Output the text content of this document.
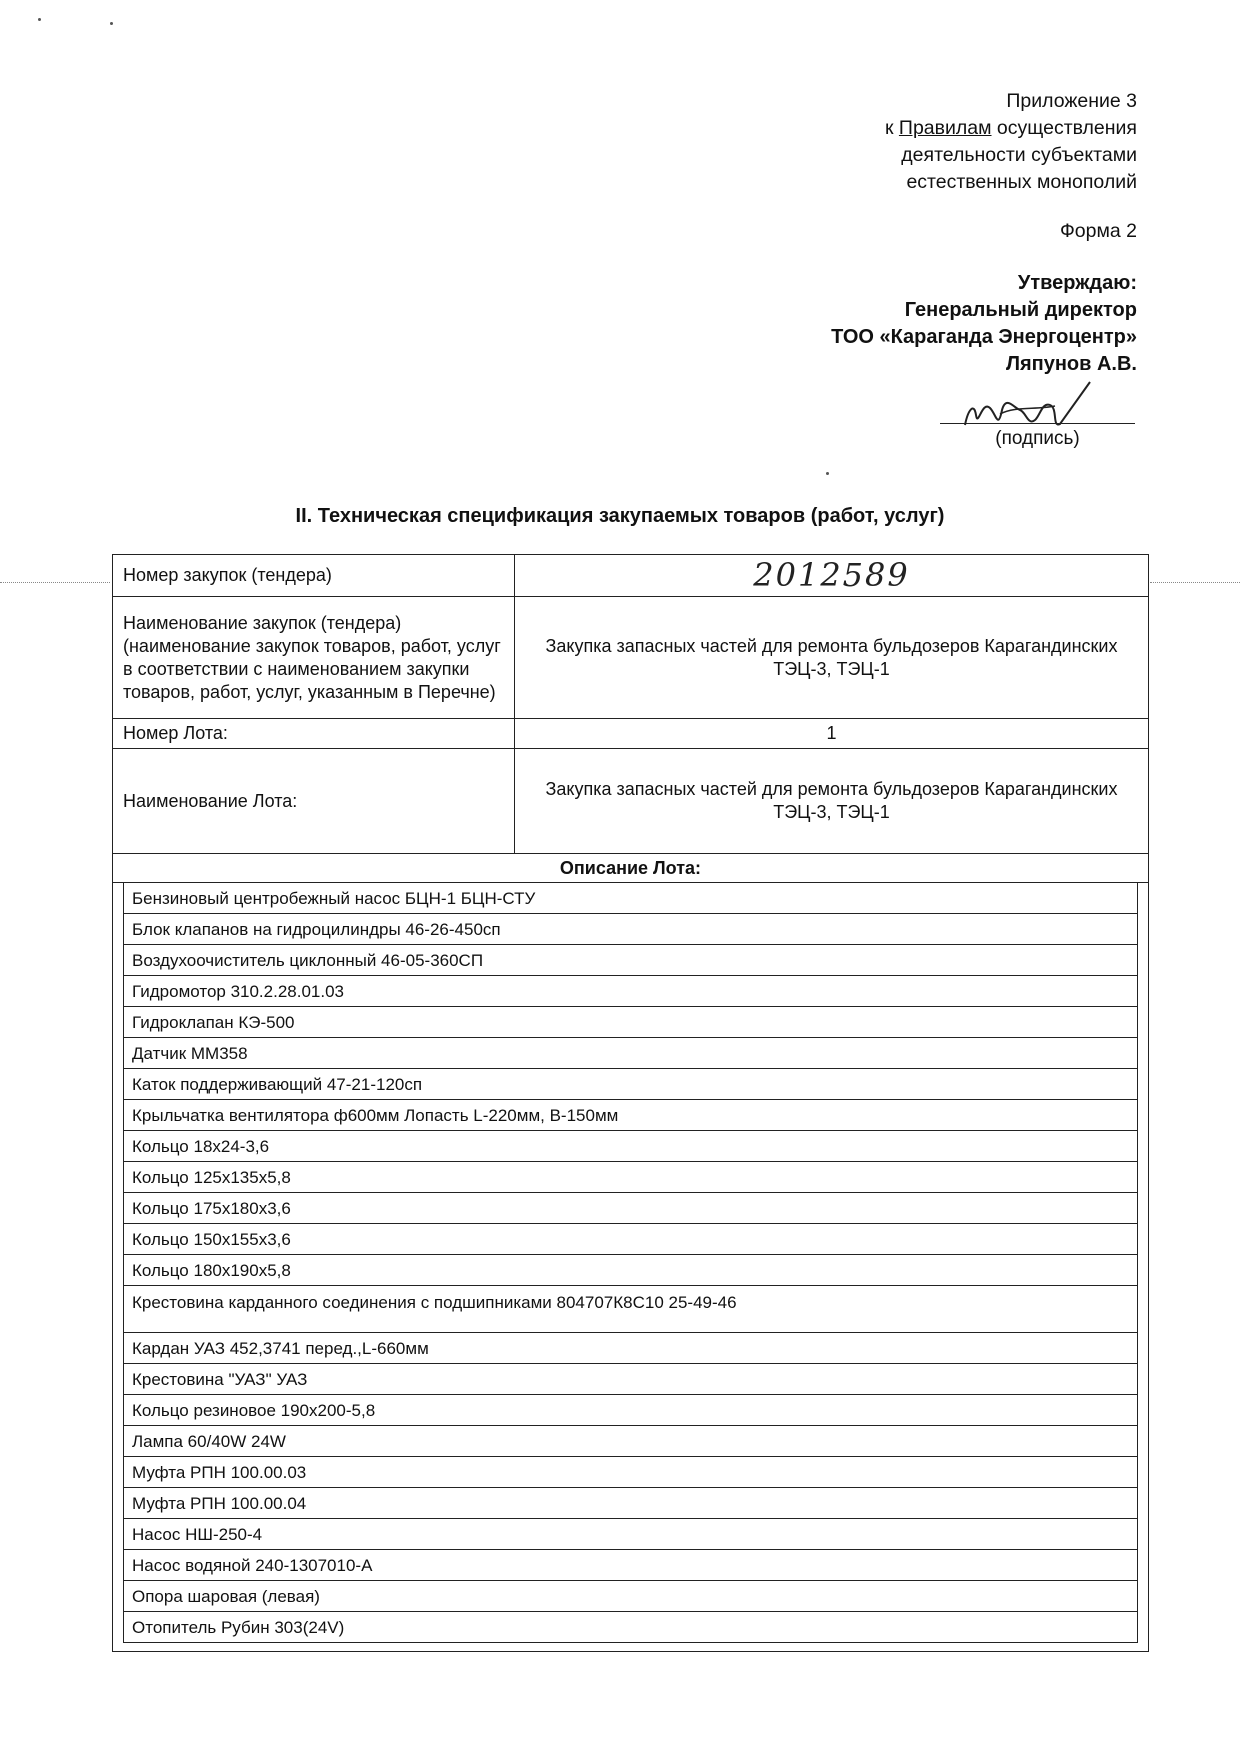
Приложение 3
к Правилам осуществления
деятельности субъектами
естественных монополий
Форма 2
Утверждаю:
Генеральный директор
ТОО «Караганда Энергоцентр»
Ляпунов А.В.
(подпись)
II. Техническая спецификация закупаемых товаров (работ, услуг)
Номер закупок (тендера)	2012589
Наименование закупок (тендера) (наименование закупок товаров, работ, услуг в соответствии с наименованием закупки товаров, работ, услуг, указанным в Перечне)
Закупка запасных частей для ремонта бульдозеров Карагандинских ТЭЦ-3, ТЭЦ-1
Номер Лота:	1
Наименование Лота:
Закупка запасных частей для ремонта бульдозеров Карагандинских ТЭЦ-3, ТЭЦ-1
Описание Лота:
Бензиновый центробежный насос БЦН-1 БЦН-СТУ
Блок клапанов на гидроцилиндры 46-26-450сп
Воздухоочиститель циклонный 46-05-360СП
Гидромотор 310.2.28.01.03
Гидроклапан КЭ-500
Датчик ММ358
Каток поддерживающий 47-21-120сп
Крыльчатка вентилятора ф600мм Лопасть L-220мм, В-150мм
Кольцо 18х24-3,6
Кольцо 125х135х5,8
Кольцо 175х180х3,6
Кольцо 150х155х3,6
Кольцо 180х190х5,8
Крестовина карданного соединения с подшипниками 804707К8С10 25-49-46
Кардан УАЗ 452,3741 перед.,L-660мм
Крестовина "УАЗ" УАЗ
Кольцо резиновое 190х200-5,8
Лампа 60/40W 24W
Муфта РПН 100.00.03
Муфта РПН 100.00.04
Насос НШ-250-4
Насос водяной 240-1307010-А
Опора шаровая (левая)
Отопитель Рубин 303(24V)
